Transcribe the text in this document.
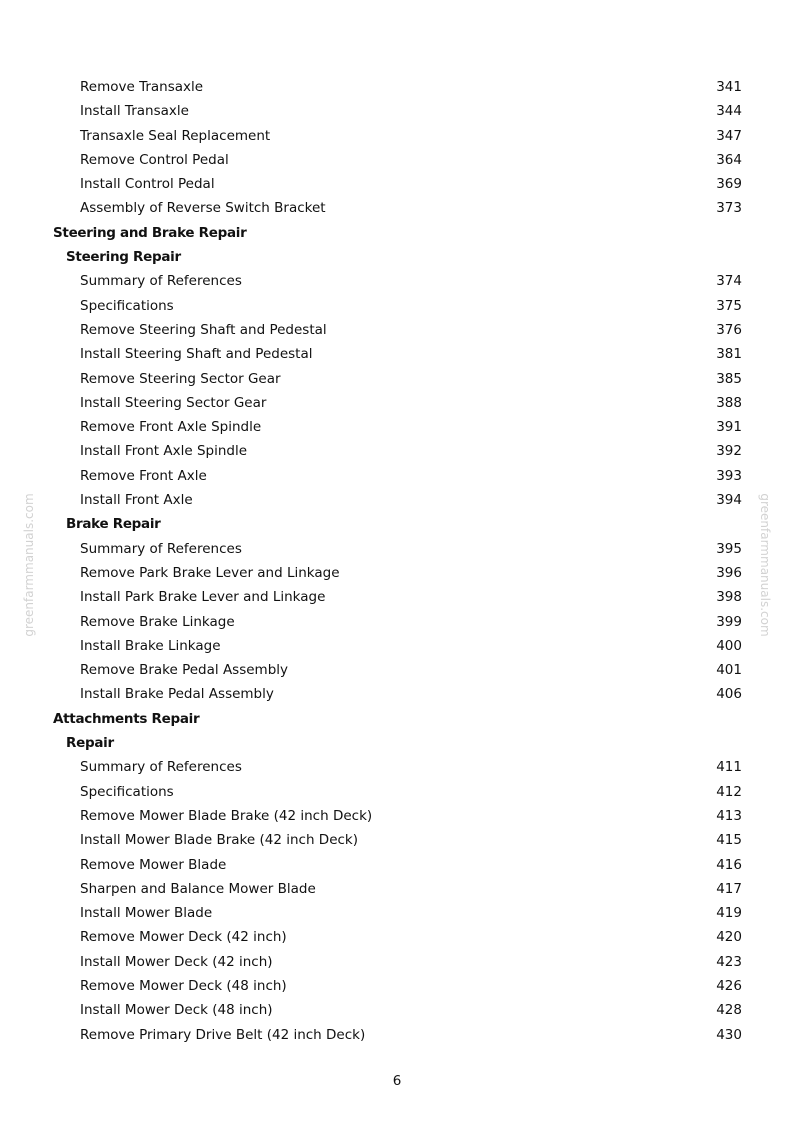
greenfarmmanuals.com	greenfarmmanuals.com
Remove Transaxle	341
Install Transaxle	344
Transaxle Seal Replacement	347
Remove Control Pedal	364
Install Control Pedal	369
Assembly of Reverse Switch Bracket	373
Steering and Brake Repair
Steering Repair
Summary of References	374
Specifications	375
Remove Steering Shaft and Pedestal	376
Install Steering Shaft and Pedestal	381
Remove Steering Sector Gear	385
Install Steering Sector Gear	388
Remove Front Axle Spindle	391
Install Front Axle Spindle	392
Remove Front Axle	393
Install Front Axle	394
Brake Repair
Summary of References	395
Remove Park Brake Lever and Linkage	396
Install Park Brake Lever and Linkage	398
Remove Brake Linkage	399
Install Brake Linkage	400
Remove Brake Pedal Assembly	401
Install Brake Pedal Assembly	406
Attachments Repair
Repair
Summary of References	411
Specifications	412
Remove Mower Blade Brake (42 inch Deck)	413
Install Mower Blade Brake (42 inch Deck)	415
Remove Mower Blade	416
Sharpen and Balance Mower Blade	417
Install Mower Blade	419
Remove Mower Deck (42 inch)	420
Install Mower Deck (42 inch)	423
Remove Mower Deck (48 inch)	426
Install Mower Deck (48 inch)	428
Remove Primary Drive Belt (42 inch Deck)	430
6
